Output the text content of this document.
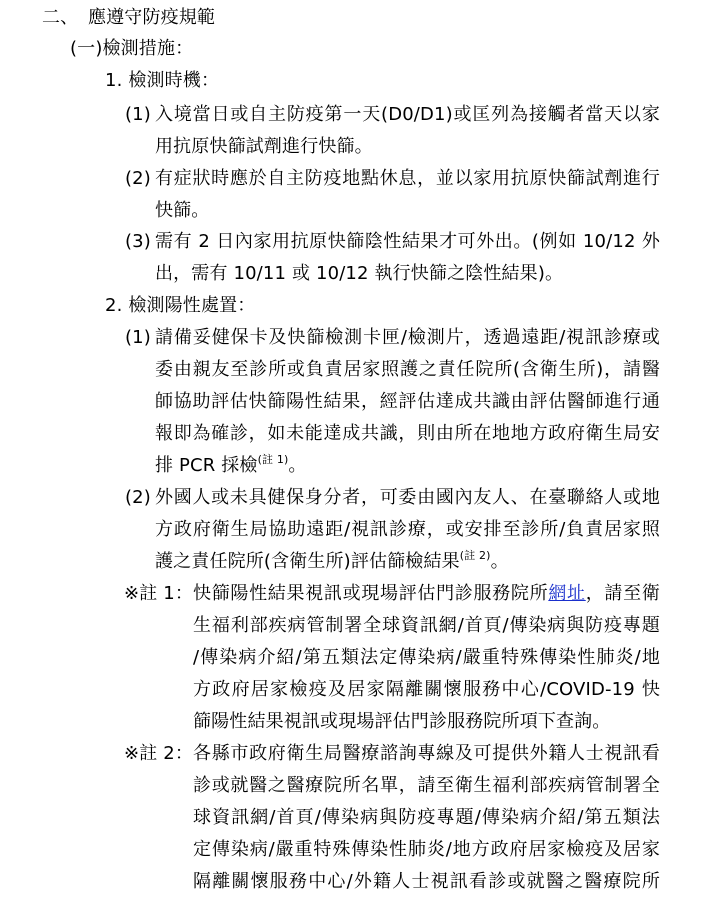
二、 應遵守防疫規範
(一)檢測措施：
1. 檢測時機：
(1) 入境當日或自主防疫第一天(D0/D1)或匡列為接觸者當天以家
用抗原快篩試劑進行快篩。
(2) 有症狀時應於自主防疫地點休息，並以家用抗原快篩試劑進行
快篩。
(3) 需有 2 日內家用抗原快篩陰性結果才可外出。(例如 10/12 外
出，需有 10/11 或 10/12 執行快篩之陰性結果)。
2. 檢測陽性處置：
(1) 請備妥健保卡及快篩檢測卡匣/檢測片，透過遠距/視訊診療或
委由親友至診所或負責居家照護之責任院所(含衛生所)，請醫
師協助評估快篩陽性結果，經評估達成共識由評估醫師進行通
報即為確診，如未能達成共識，則由所在地地方政府衛生局安
排 PCR 採檢$^{(註 1)}$。
(2) 外國人或未具健保身分者，可委由國內友人、在臺聯絡人或地
方政府衛生局協助遠距/視訊診療，或安排至診所/負責居家照
護之責任院所(含衛生所)評估篩檢結果$^{(註 2)}$。
※註 1： 快篩陽性結果視訊或現場評估門診服務院所網址，請至衛
生福利部疾病管制署全球資訊網/首頁/傳染病與防疫專題
/傳染病介紹/第五類法定傳染病/嚴重特殊傳染性肺炎/地
方政府居家檢疫及居家隔離關懷服務中心/COVID-19 快
篩陽性結果視訊或現場評估門診服務院所項下查詢。
※註 2： 各縣市政府衛生局醫療諮詢專線及可提供外籍人士視訊看
診或就醫之醫療院所名單，請至衛生福利部疾病管制署全
球資訊網/首頁/傳染病與防疫專題/傳染病介紹/第五類法
定傳染病/嚴重特殊傳染性肺炎/地方政府居家檢疫及居家
隔離關懷服務中心/外籍人士視訊看診或就醫之醫療院所
